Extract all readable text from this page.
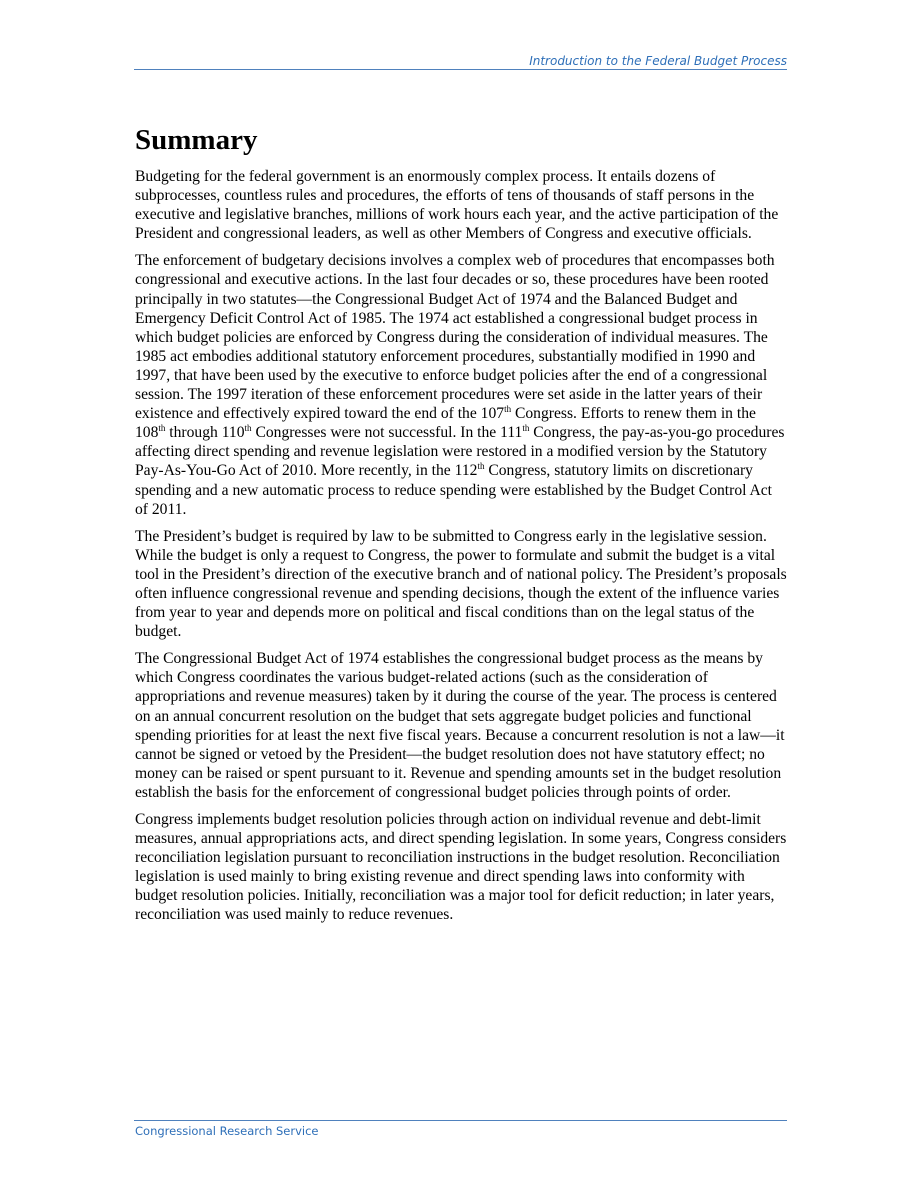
Introduction to the Federal Budget Process
Summary

Budgeting for the federal government is an enormously complex process. It entails dozens of subprocesses, countless rules and procedures, the efforts of tens of thousands of staff persons in the executive and legislative branches, millions of work hours each year, and the active participation of the President and congressional leaders, as well as other Members of Congress and executive officials.

The enforcement of budgetary decisions involves a complex web of procedures that encompasses both congressional and executive actions. In the last four decades or so, these procedures have been rooted principally in two statutes—the Congressional Budget Act of 1974 and the Balanced Budget and Emergency Deficit Control Act of 1985. The 1974 act established a congressional budget process in which budget policies are enforced by Congress during the consideration of individual measures. The 1985 act embodies additional statutory enforcement procedures, substantially modified in 1990 and 1997, that have been used by the executive to enforce budget policies after the end of a congressional session. The 1997 iteration of these enforcement procedures were set aside in the latter years of their existence and effectively expired toward the end of the 107th Congress. Efforts to renew them in the 108th through 110th Congresses were not successful. In the 111th Congress, the pay-as-you-go procedures affecting direct spending and revenue legislation were restored in a modified version by the Statutory Pay-As-You-Go Act of 2010. More recently, in the 112th Congress, statutory limits on discretionary spending and a new automatic process to reduce spending were established by the Budget Control Act of 2011.

The President’s budget is required by law to be submitted to Congress early in the legislative session. While the budget is only a request to Congress, the power to formulate and submit the budget is a vital tool in the President’s direction of the executive branch and of national policy. The President’s proposals often influence congressional revenue and spending decisions, though the extent of the influence varies from year to year and depends more on political and fiscal conditions than on the legal status of the budget.

The Congressional Budget Act of 1974 establishes the congressional budget process as the means by which Congress coordinates the various budget-related actions (such as the consideration of appropriations and revenue measures) taken by it during the course of the year. The process is centered on an annual concurrent resolution on the budget that sets aggregate budget policies and functional spending priorities for at least the next five fiscal years. Because a concurrent resolution is not a law—it cannot be signed or vetoed by the President—the budget resolution does not have statutory effect; no money can be raised or spent pursuant to it. Revenue and spending amounts set in the budget resolution establish the basis for the enforcement of congressional budget policies through points of order.

Congress implements budget resolution policies through action on individual revenue and debt-limit measures, annual appropriations acts, and direct spending legislation. In some years, Congress considers reconciliation legislation pursuant to reconciliation instructions in the budget resolution. Reconciliation legislation is used mainly to bring existing revenue and direct spending laws into conformity with budget resolution policies. Initially, reconciliation was a major tool for deficit reduction; in later years, reconciliation was used mainly to reduce revenues.

Congressional Research Service
